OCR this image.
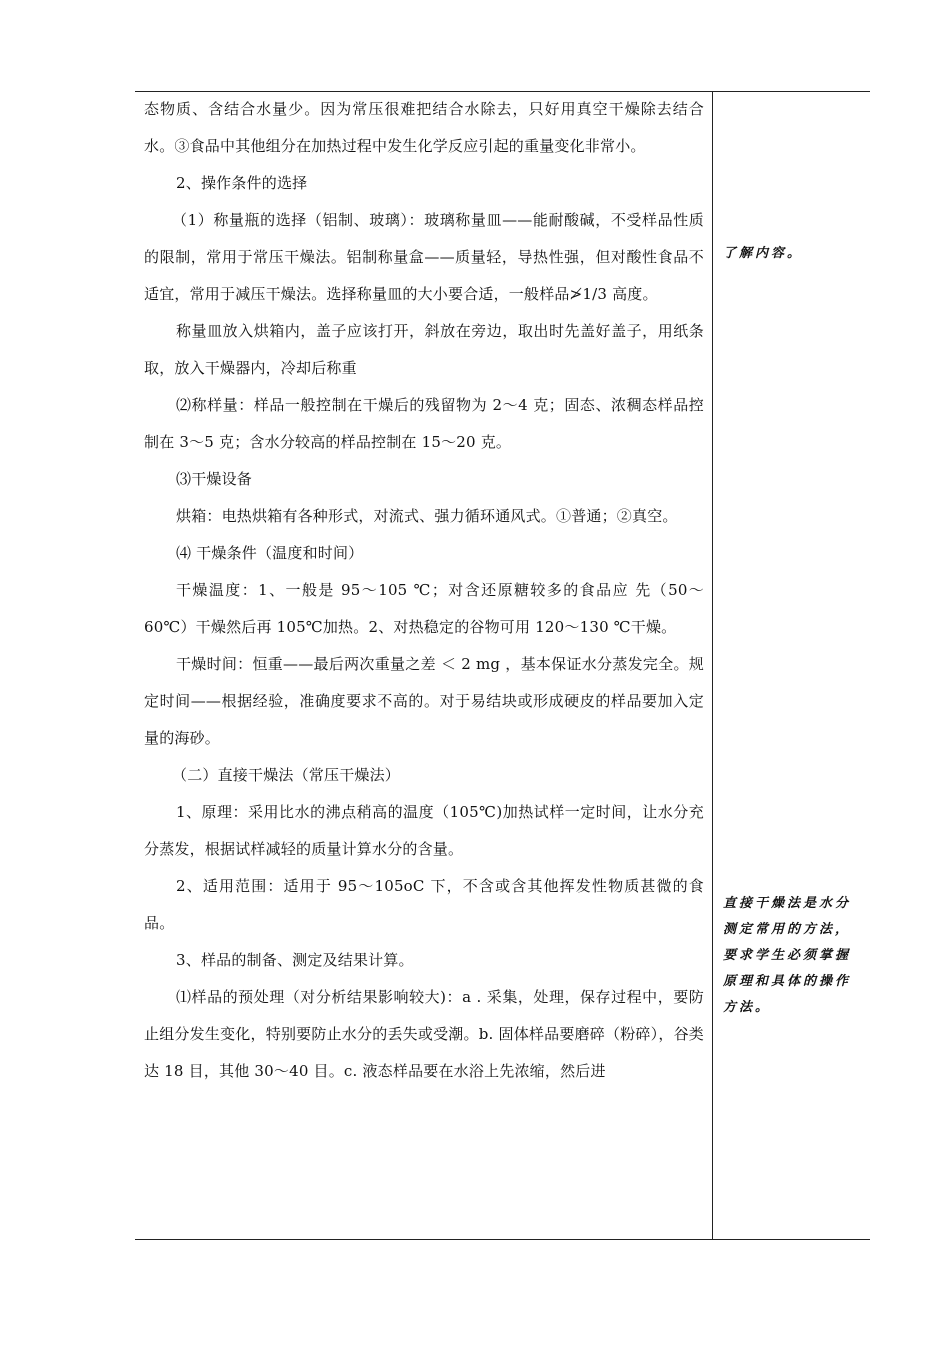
态物质、含结合水量少。因为常压很难把结合水除去，只好用真空干燥除去结合水。③食品中其他组分在加热过程中发生化学反应引起的重量变化非常小。

2、操作条件的选择

（1）称量瓶的选择（铝制、玻璃）：玻璃称量皿——能耐酸碱，不受样品性质的限制，常用于常压干燥法。铝制称量盒——质量轻，导热性强，但对酸性食品不适宜，常用于减压干燥法。选择称量皿的大小要合适，一般样品≯1/3 高度。

称量皿放入烘箱内，盖子应该打开，斜放在旁边，取出时先盖好盖子，用纸条取，放入干燥器内，冷却后称重

⑵称样量：样品一般控制在干燥后的残留物为 2～4 克；固态、浓稠态样品控制在 3～5 克；含水分较高的样品控制在 15～20 克。

⑶干燥设备

烘箱：电热烘箱有各种形式，对流式、强力循环通风式。①普通；②真空。

⑷ 干燥条件（温度和时间）

干燥温度：1、一般是 95～105 ℃；对含还原糖较多的食品应 先（50～60℃）干燥然后再 105℃加热。2、对热稳定的谷物可用 120～130 ℃干燥。

干燥时间：恒重——最后两次重量之差 ＜ 2 mg ，基本保证水分蒸发完全。规定时间——根据经验，准确度要求不高的。对于易结块或形成硬皮的样品要加入定量的海砂。

（二）直接干燥法（常压干燥法）

1、原理：采用比水的沸点稍高的温度（105℃)加热试样一定时间，让水分充分蒸发，根据试样减轻的质量计算水分的含量。

2、适用范围：适用于 95～105oC 下，不含或含其他挥发性物质甚微的食品。

3、样品的制备、测定及结果计算。

⑴样品的预处理（对分析结果影响较大)：a . 采集，处理，保存过程中，要防止组分发生变化，特别要防止水分的丢失或受潮。b. 固体样品要磨碎（粉碎），谷类达 18 目，其他 30～40 目。c. 液态样品要在水浴上先浓缩，然后进

了解内容。
直接干燥法是水分测定常用的方法，要求学生必须掌握原理和具体的操作方法。
